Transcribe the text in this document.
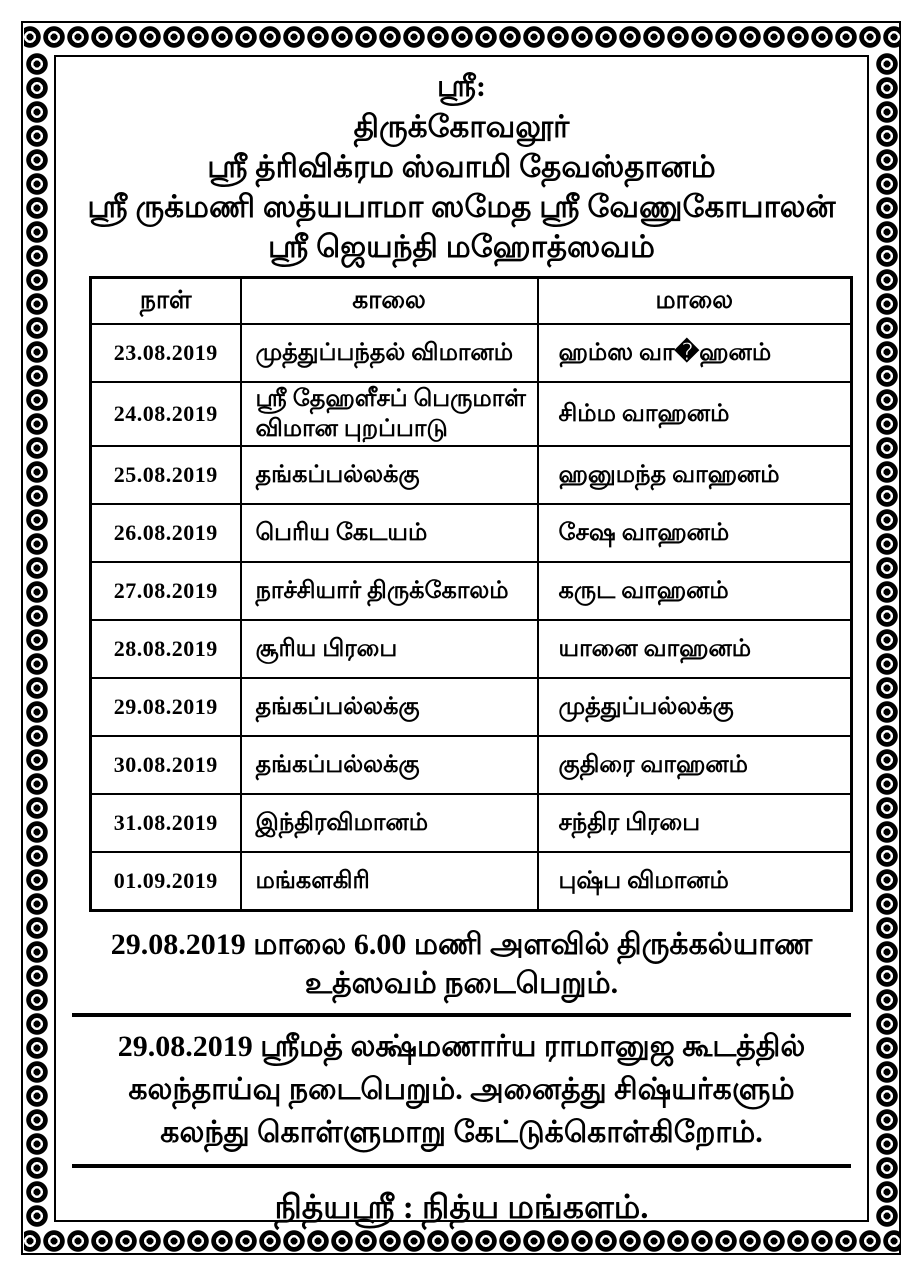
ஸ்ரீ:
திருக்கோவலூர்
ஸ்ரீ த்ரிவிக்ரம ஸ்வாமி தேவஸ்தானம்
ஸ்ரீ ருக்மணி ஸத்யபாமா ஸமேத ஸ்ரீ வேணுகோபாலன்
ஸ்ரீ ஜெயந்தி மஹோத்ஸவம்
நாள்	காலை	மாலை
23.08.2019	முத்துப்பந்தல் விமானம்	ஹம்ஸ வா�ஹனம்
24.08.2019	ஸ்ரீ தேஹளீசப் பெருமாள் விமான புறப்பாடு	சிம்ம வாஹனம்
25.08.2019	தங்கப்பல்லக்கு	ஹனுமந்த வாஹனம்
26.08.2019	பெரிய கேடயம்	சேஷ வாஹனம்
27.08.2019	நாச்சியார் திருக்கோலம்	கருட வாஹனம்
28.08.2019	சூரிய பிரபை	யானை வாஹனம்
29.08.2019	தங்கப்பல்லக்கு	முத்துப்பல்லக்கு
30.08.2019	தங்கப்பல்லக்கு	குதிரை வாஹனம்
31.08.2019	இந்திரவிமானம்	சந்திர பிரபை
01.09.2019	மங்களகிரி	புஷ்ப விமானம்
29.08.2019 மாலை 6.00 மணி அளவில் திருக்கல்யாண
உத்ஸவம் நடைபெறும்.
29.08.2019 ஸ்ரீமத் லக்ஷ்மணார்ய ராமானுஜ கூடத்தில்
கலந்தாய்வு நடைபெறும். அனைத்து சிஷ்யர்களும்
கலந்து கொள்ளுமாறு கேட்டுக்கொள்கிறோம்.
நித்யஸ்ரீ : நித்ய மங்களம்.
